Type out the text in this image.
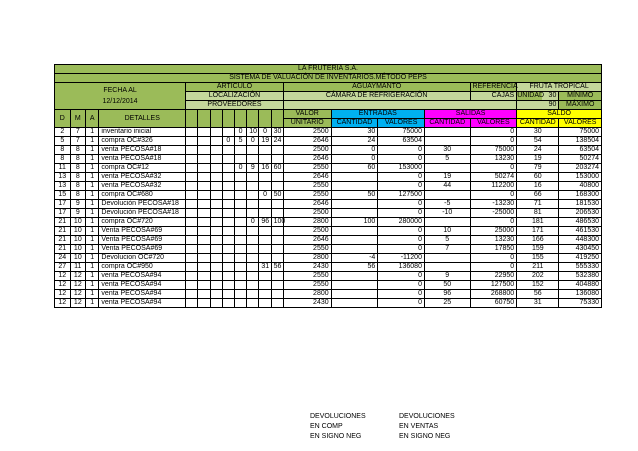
LA FRUTERIA S.A.																		
SISTEMA DE VALUACIÓN DE INVENTARIOS.MÉTODO PEPS																		

FECHA AL
12/12/2014				ARTICULO								AGUAYMANTO				REFERENCIA	FRUTA TROPICAL	
				LOCALIZACIÓN								CÁMARA DE REFRIGERACIÓN				CAJAS	UNIDAD 30	MÍNIMO
				PROVEEDORES													90	MÁXIMO
D	M	A	DETALLES									VALOR	ENTRADAS		SALIDAS		SALDO	
												UNITARIO	CANTIDAD	VALORES	CANTIDAD	VALORES	CANTIDAD	VALORES
2	7	1	inventario inicial					0	10	0	30	2500	30	75000		0	30	75000
5	7	1	compra OC#326				0	5	0	19	24	2646	24	63504		0	54	138504
8	8	1	venta PECOSA#18									2500	0	0	30	75000	24	63504
8	8	1	venta PECOSA#18									2646	0	0	5	13230	19	50274
11	8	1	compra OC#12					0	9	16	60	2550	60	153000		0	79	203274
13	8	1	venta PECOSA#32									2646		0	19	50274	60	153000
13	8	1	venta PECOSA#32									2550		0	44	112200	16	40800
15	8	1	compra OC#680							0	50	2550	50	127500		0	66	168300
17	9	1	Devolución PECOSA#18									2646		0	-5	-13230	71	181530
17	9	1	Devolución PECOSA#18									2500		0	-10	-25000	81	206530
21	10	1	compra OC#720						0	96	100	2800	100	280000		0	181	486530
21	10	1	Venta PECOSA#69									2500		0	10	25000	171	461530
21	10	1	Venta PECOSA#69									2646		0	5	13230	166	448300
21	10	1	Venta PECOSA#69									2550		0	7	17850	159	430450
24	10	1	Devolucion OC#720									2800	-4	-11200		0	155	419250
27	11	1	compra OC#950							31	56	2430	56	136080		0	211	555330
12	12	1	venta PECOSA#94									2550		0	9	22950	202	532380
12	12	1	venta PECOSA#94									2550		0	50	127500	152	404880
12	12	1	venta PECOSA#94									2800		0	96	268800	56	136080
12	12	1	venta PECOSA#94									2430		0	25	60750	31	75330
DEVOLUCIONES
EN COMP
EN SIGNO NEG
DEVOLUCIONES
EN VENTAS
EN SIGNO NEG
